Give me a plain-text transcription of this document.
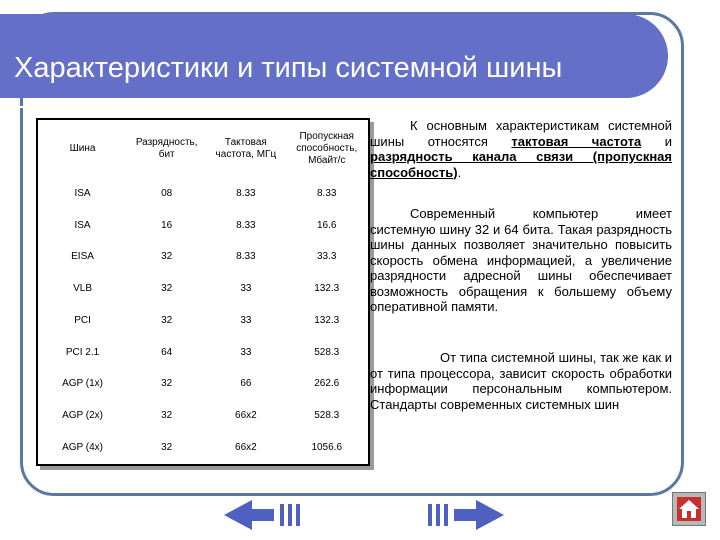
Характеристики и типы системной шины
Шина	Разрядность, бит	Тактовая частота, МГц	Пропускная способность, Мбайт/с
ISA	08	8.33	8.33
ISA	16	8.33	16.6
EISA	32	8.33	33.3
VLB	32	33	132.3
PCI	32	33	132.3
PCI 2.1	64	33	528.3
AGP (1x)	32	66	262.6
AGP (2x)	32	66x2	528.3
AGP (4x)	32	66x2	1056.6
К основным характеристикам системной шины относятся тактовая частота и разрядность канала связи (пропускная способность).
Современный компьютер имеет системную шину 32 и 64 бита. Такая разрядность шины данных позволяет значительно повысить скорость обмена информацией, а увеличение разрядности адресной шины обеспечивает возможность обращения к большему объему оперативной памяти.
От типа системной шины, так же как и от типа процессора, зависит скорость обработки информации персональным компьютером. Стандарты современных системных шин
